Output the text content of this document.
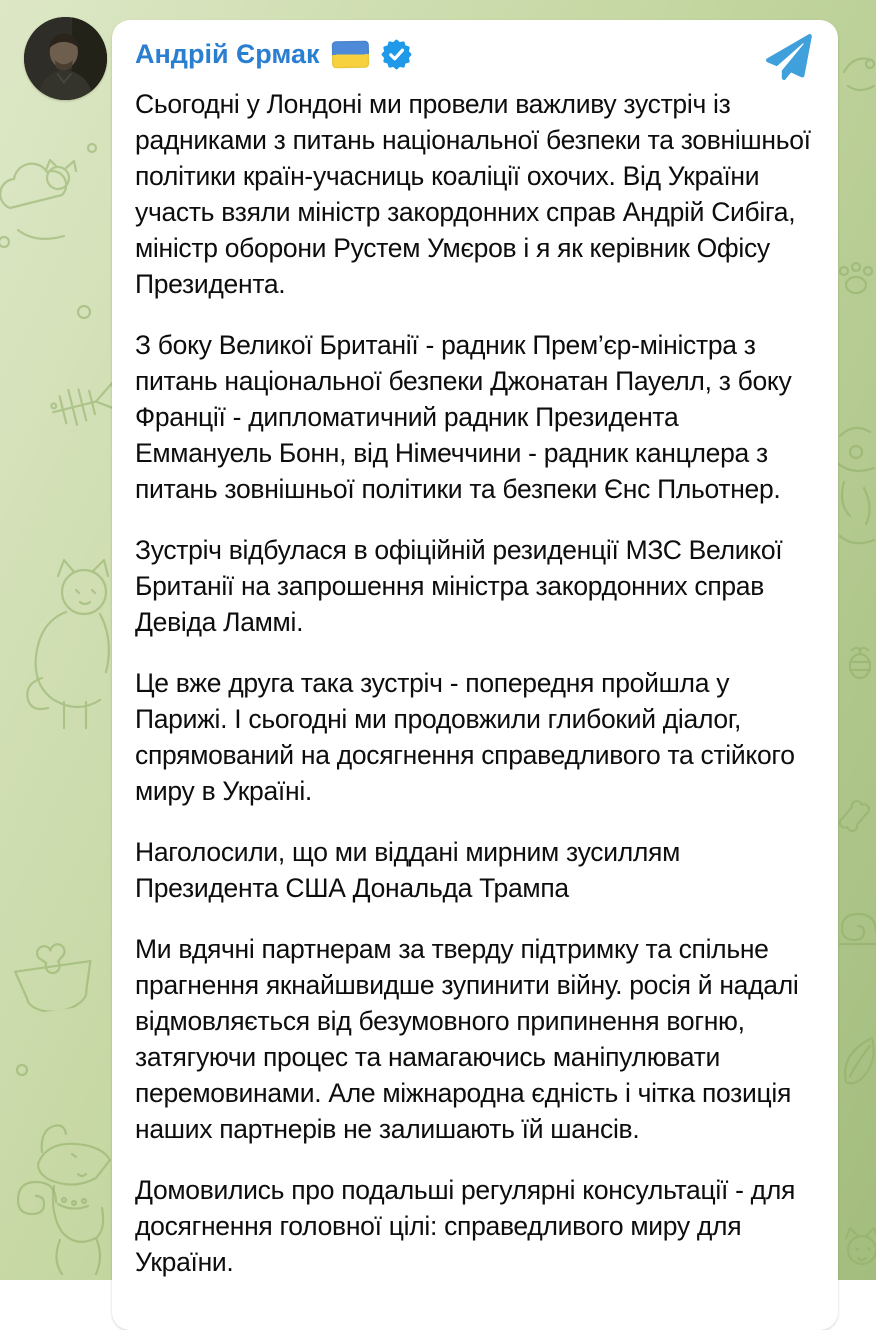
Андрій Єрмак

Сьогодні у Лондоні ми провели важливу зустріч із радниками з питань національної безпеки та зовнішньої політики країн-учасниць коаліції охочих. Від України участь взяли міністр закордонних справ Андрій Сибіга, міністр оборони Рустем Умєров і я як керівник Офісу Президента.

З боку Великої Британії - радник Прем’єр-міністра з питань національної безпеки Джонатан Пауелл, з боку Франції - дипломатичний радник Президента Еммануель Бонн, від Німеччини - радник канцлера з питань зовнішньої політики та безпеки Єнс Пльотнер.

Зустріч відбулася в офіційній резиденції МЗС Великої Британії на запрошення міністра закордонних справ Девіда Ламмі.

Це вже друга така зустріч - попередня пройшла у Парижі. І сьогодні ми продовжили глибокий діалог, спрямований на досягнення справедливого та стійкого миру в Україні.

Наголосили, що ми віддані мирним зусиллям Президента США Дональда Трампа

Ми вдячні партнерам за тверду підтримку та спільне прагнення якнайшвидше зупинити війну. росія й надалі відмовляється від безумовного припинення вогню, затягуючи процес та намагаючись маніпулювати перемовинами. Але міжнародна єдність і чітка позиція наших партнерів не залишають їй шансів.

Домовились про подальші регулярні консультації - для досягнення головної цілі: справедливого миру для України.
